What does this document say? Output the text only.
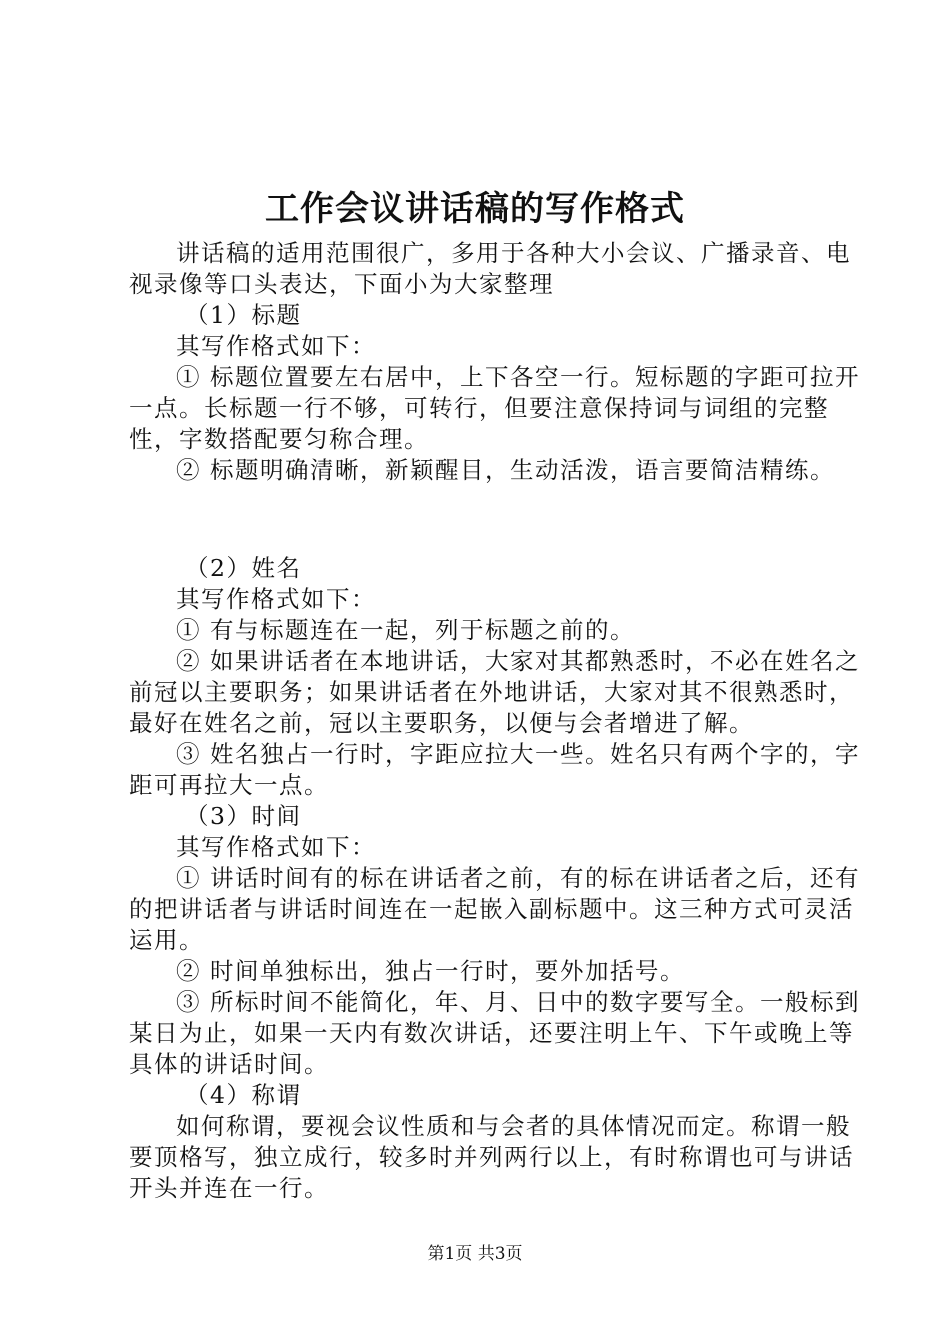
工作会议讲话稿的写作格式

讲话稿的适用范围很广，多用于各种大小会议、广播录音、电视录像等口头表达，下面小为大家整理

（1）标题

其写作格式如下：

① 标题位置要左右居中，上下各空一行。短标题的字距可拉开一点。长标题一行不够，可转行，但要注意保持词与词组的完整性，字数搭配要匀称合理。

② 标题明确清晰，新颖醒目，生动活泼，语言要简洁精练。

（2）姓名

其写作格式如下：

① 有与标题连在一起，列于标题之前的。

② 如果讲话者在本地讲话，大家对其都熟悉时，不必在姓名之前冠以主要职务；如果讲话者在外地讲话，大家对其不很熟悉时，最好在姓名之前，冠以主要职务，以便与会者增进了解。

③ 姓名独占一行时，字距应拉大一些。姓名只有两个字的，字距可再拉大一点。

（3）时间

其写作格式如下：

① 讲话时间有的标在讲话者之前，有的标在讲话者之后，还有的把讲话者与讲话时间连在一起嵌入副标题中。这三种方式可灵活运用。

② 时间单独标出，独占一行时，要外加括号。

③ 所标时间不能简化，年、月、日中的数字要写全。一般标到某日为止，如果一天内有数次讲话，还要注明上午、下午或晚上等具体的讲话时间。

（4）称谓

如何称谓，要视会议性质和与会者的具体情况而定。称谓一般要顶格写，独立成行，较多时并列两行以上，有时称谓也可与讲话开头并连在一行。

第1页 共3页
